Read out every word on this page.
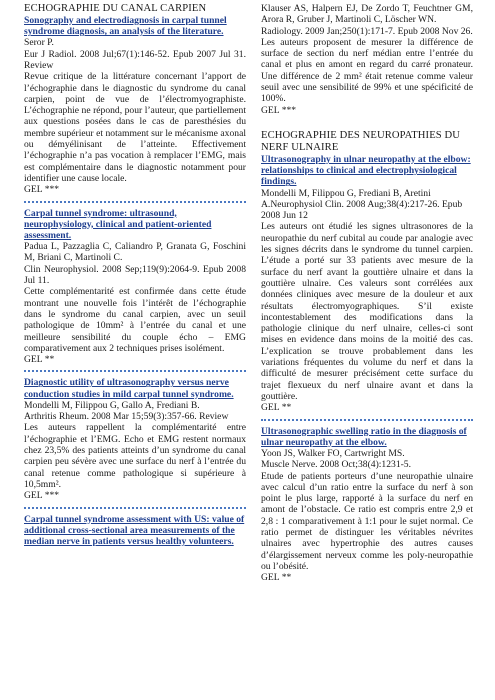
ECHOGRAPHIE DU CANAL CARPIEN
Sonography and electrodiagnosis in carpal tunnel syndrome diagnosis, an analysis of the literature.

Seror P.

Eur J Radiol. 2008 Jul;67(1):146-52. Epub 2007 Jul 31. Review

Revue critique de la littérature concernant l’apport de l’échographie dans le diagnostic du syndrome du canal carpien, point de vue de l’électromyographiste. L’échographie ne répond, pour l’auteur, que partiellement aux questions posées dans le cas de paresthésies du membre supérieur et notamment sur le mécanisme axonal ou démyélinisant de l’atteinte. Effectivement l’échographie n’a pas vocation à remplacer l’EMG, mais est complémentaire dans le diagnostic notamment pour identifier une cause locale.

GEL ***

Carpal tunnel syndrome: ultrasound, neurophysiology, clinical and patient-oriented assessment.

Padua L, Pazzaglia C, Caliandro P, Granata G, Foschini M, Briani C, Martinoli C.

Clin Neurophysiol. 2008 Sep;119(9):2064-9. Epub 2008 Jul 11.

Cette complémentarité est confirmée dans cette étude montrant une nouvelle fois l’intérêt de l’échographie dans le syndrome du canal carpien, avec un seuil pathologique de 10mm² à l’entrée du canal et une meilleure sensibilité du couple écho – EMG comparativement aux 2 techniques prises isolément.

GEL **

Diagnostic utility of ultrasonography versus nerve conduction studies in mild carpal tunnel syndrome.

Mondelli M, Filippou G, Gallo A, Frediani B.

Arthritis Rheum. 2008 Mar 15;59(3):357-66. Review

Les auteurs rappellent la complémentarité entre l’échographie et l’EMG. Echo et EMG restent normaux chez 23,5% des patients atteints d’un syndrome du canal carpien peu sévère avec une surface du nerf à l’entrée du canal retenue comme pathologique si supérieure à 10,5mm².

GEL ***

Carpal tunnel syndrome assessment with US: value of additional cross-sectional area measurements of the median nerve in patients versus healthy volunteers.

Klauser AS, Halpern EJ, De Zordo T, Feuchtner GM, Arora R, Gruber J, Martinoli C, Löscher WN.

Radiology. 2009 Jan;250(1):171-7. Epub 2008 Nov 26.

Les auteurs proposent de mesurer la différence de surface de section du nerf médian entre l’entrée du canal et plus en amont en regard du carré pronateur. Une différence de 2 mm² était retenue comme valeur seuil avec une sensibilité de 99% et une spécificité de 100%.

GEL ***

ECHOGRAPHIE DES NEUROPATHIES DU NERF ULNAIRE
Ultrasonography in ulnar neuropathy at the elbow: relationships to clinical and electrophysiological findings.

Mondelli M, Filippou G, Frediani B, Aretini A.Neurophysiol Clin. 2008 Aug;38(4):217-26. Epub 2008 Jun 12

Les auteurs ont étudié les signes ultrasonores de la neuropathie du nerf cubital au coude par analogie avec les signes décrits dans le syndrome du tunnel carpien. L’étude a porté sur 33 patients avec mesure de la surface du nerf avant la gouttière ulnaire et dans la gouttière ulnaire. Ces valeurs sont corrélées aux données cliniques avec mesure de la douleur et aux résultats électromyographiques. S’il existe incontestablement des modifications dans la pathologie clinique du nerf ulnaire, celles-ci sont mises en evidence dans moins de la moitié des cas. L’explication se trouve probablement dans les variations fréquentes du volume du nerf et dans la difficulté de mesurer précisément cette surface du trajet flexueux du nerf ulnaire avant et dans la gouttière.

GEL **

Ultrasonographic swelling ratio in the diagnosis of ulnar neuropathy at the elbow.

Yoon JS, Walker FO, Cartwright MS.

Muscle Nerve. 2008 Oct;38(4):1231-5.

Etude de patients porteurs d’une neuropathie ulnaire avec calcul d’un ratio entre la surface du nerf à son point le plus large, rapporté à la surface du nerf en amont de l’obstacle. Ce ratio est compris entre 2,9 et 2,8 : 1 comparativement à 1:1 pour le sujet normal. Ce ratio permet de distinguer les véritables névrites ulnaires avec hypertrophie des autres causes d’élargissement nerveux comme les poly-neuropathie ou l’obésité.

GEL **
